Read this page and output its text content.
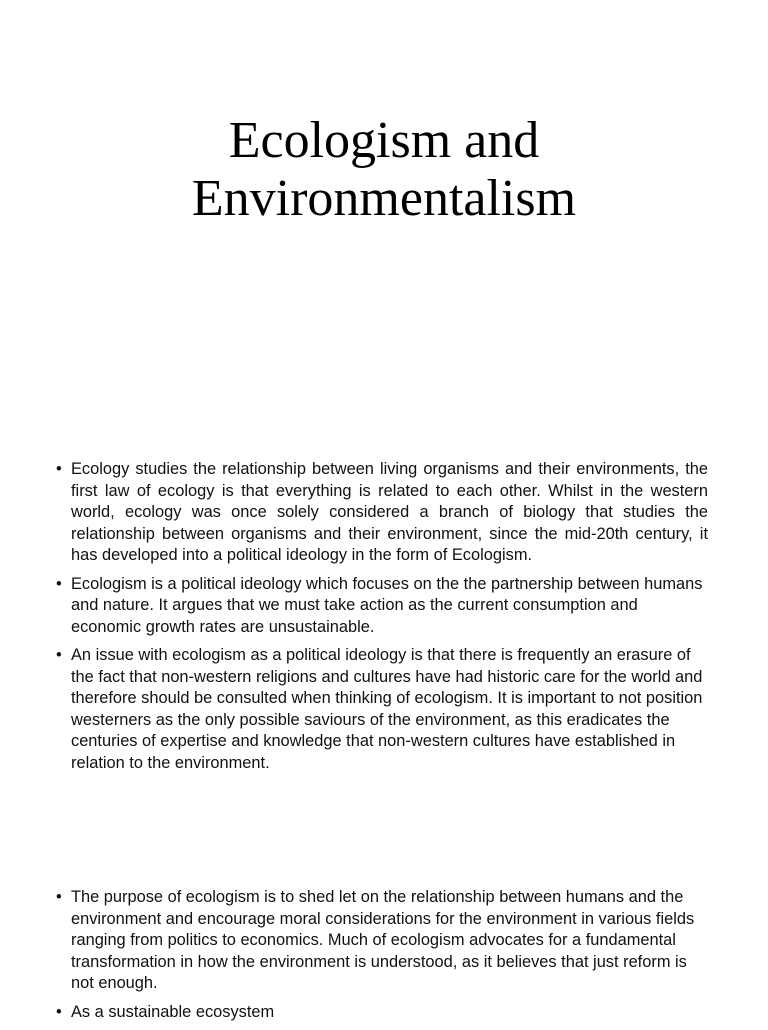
Ecologism and
Environmentalism
• Ecology studies the relationship between living organisms and their environments, the first law of ecology is that everything is related to each other. Whilst in the western world, ecology was once solely considered a branch of biology that studies the relationship between organisms and their environment, since the mid-20th century, it has developed into a political ideology in the form of Ecologism.
• Ecologism is a political ideology which focuses on the the partnership between humans and nature. It argues that we must take action as the current consumption and economic growth rates are unsustainable.
• An issue with ecologism as a political ideology is that there is frequently an erasure of the fact that non-western religions and cultures have had historic care for the world and therefore should be consulted when thinking of ecologism. It is important to not position westerners as the only possible saviours of the environment, as this eradicates the centuries of expertise and knowledge that non-western cultures have established in relation to the environment.
• The purpose of ecologism is to shed let on the relationship between humans and the environment and encourage moral considerations for the environment in various fields ranging from politics to economics. Much of ecologism advocates for a fundamental transformation in how the environment is understood, as it believes that just reform is not enough.
• As a sustainable ecosystem
